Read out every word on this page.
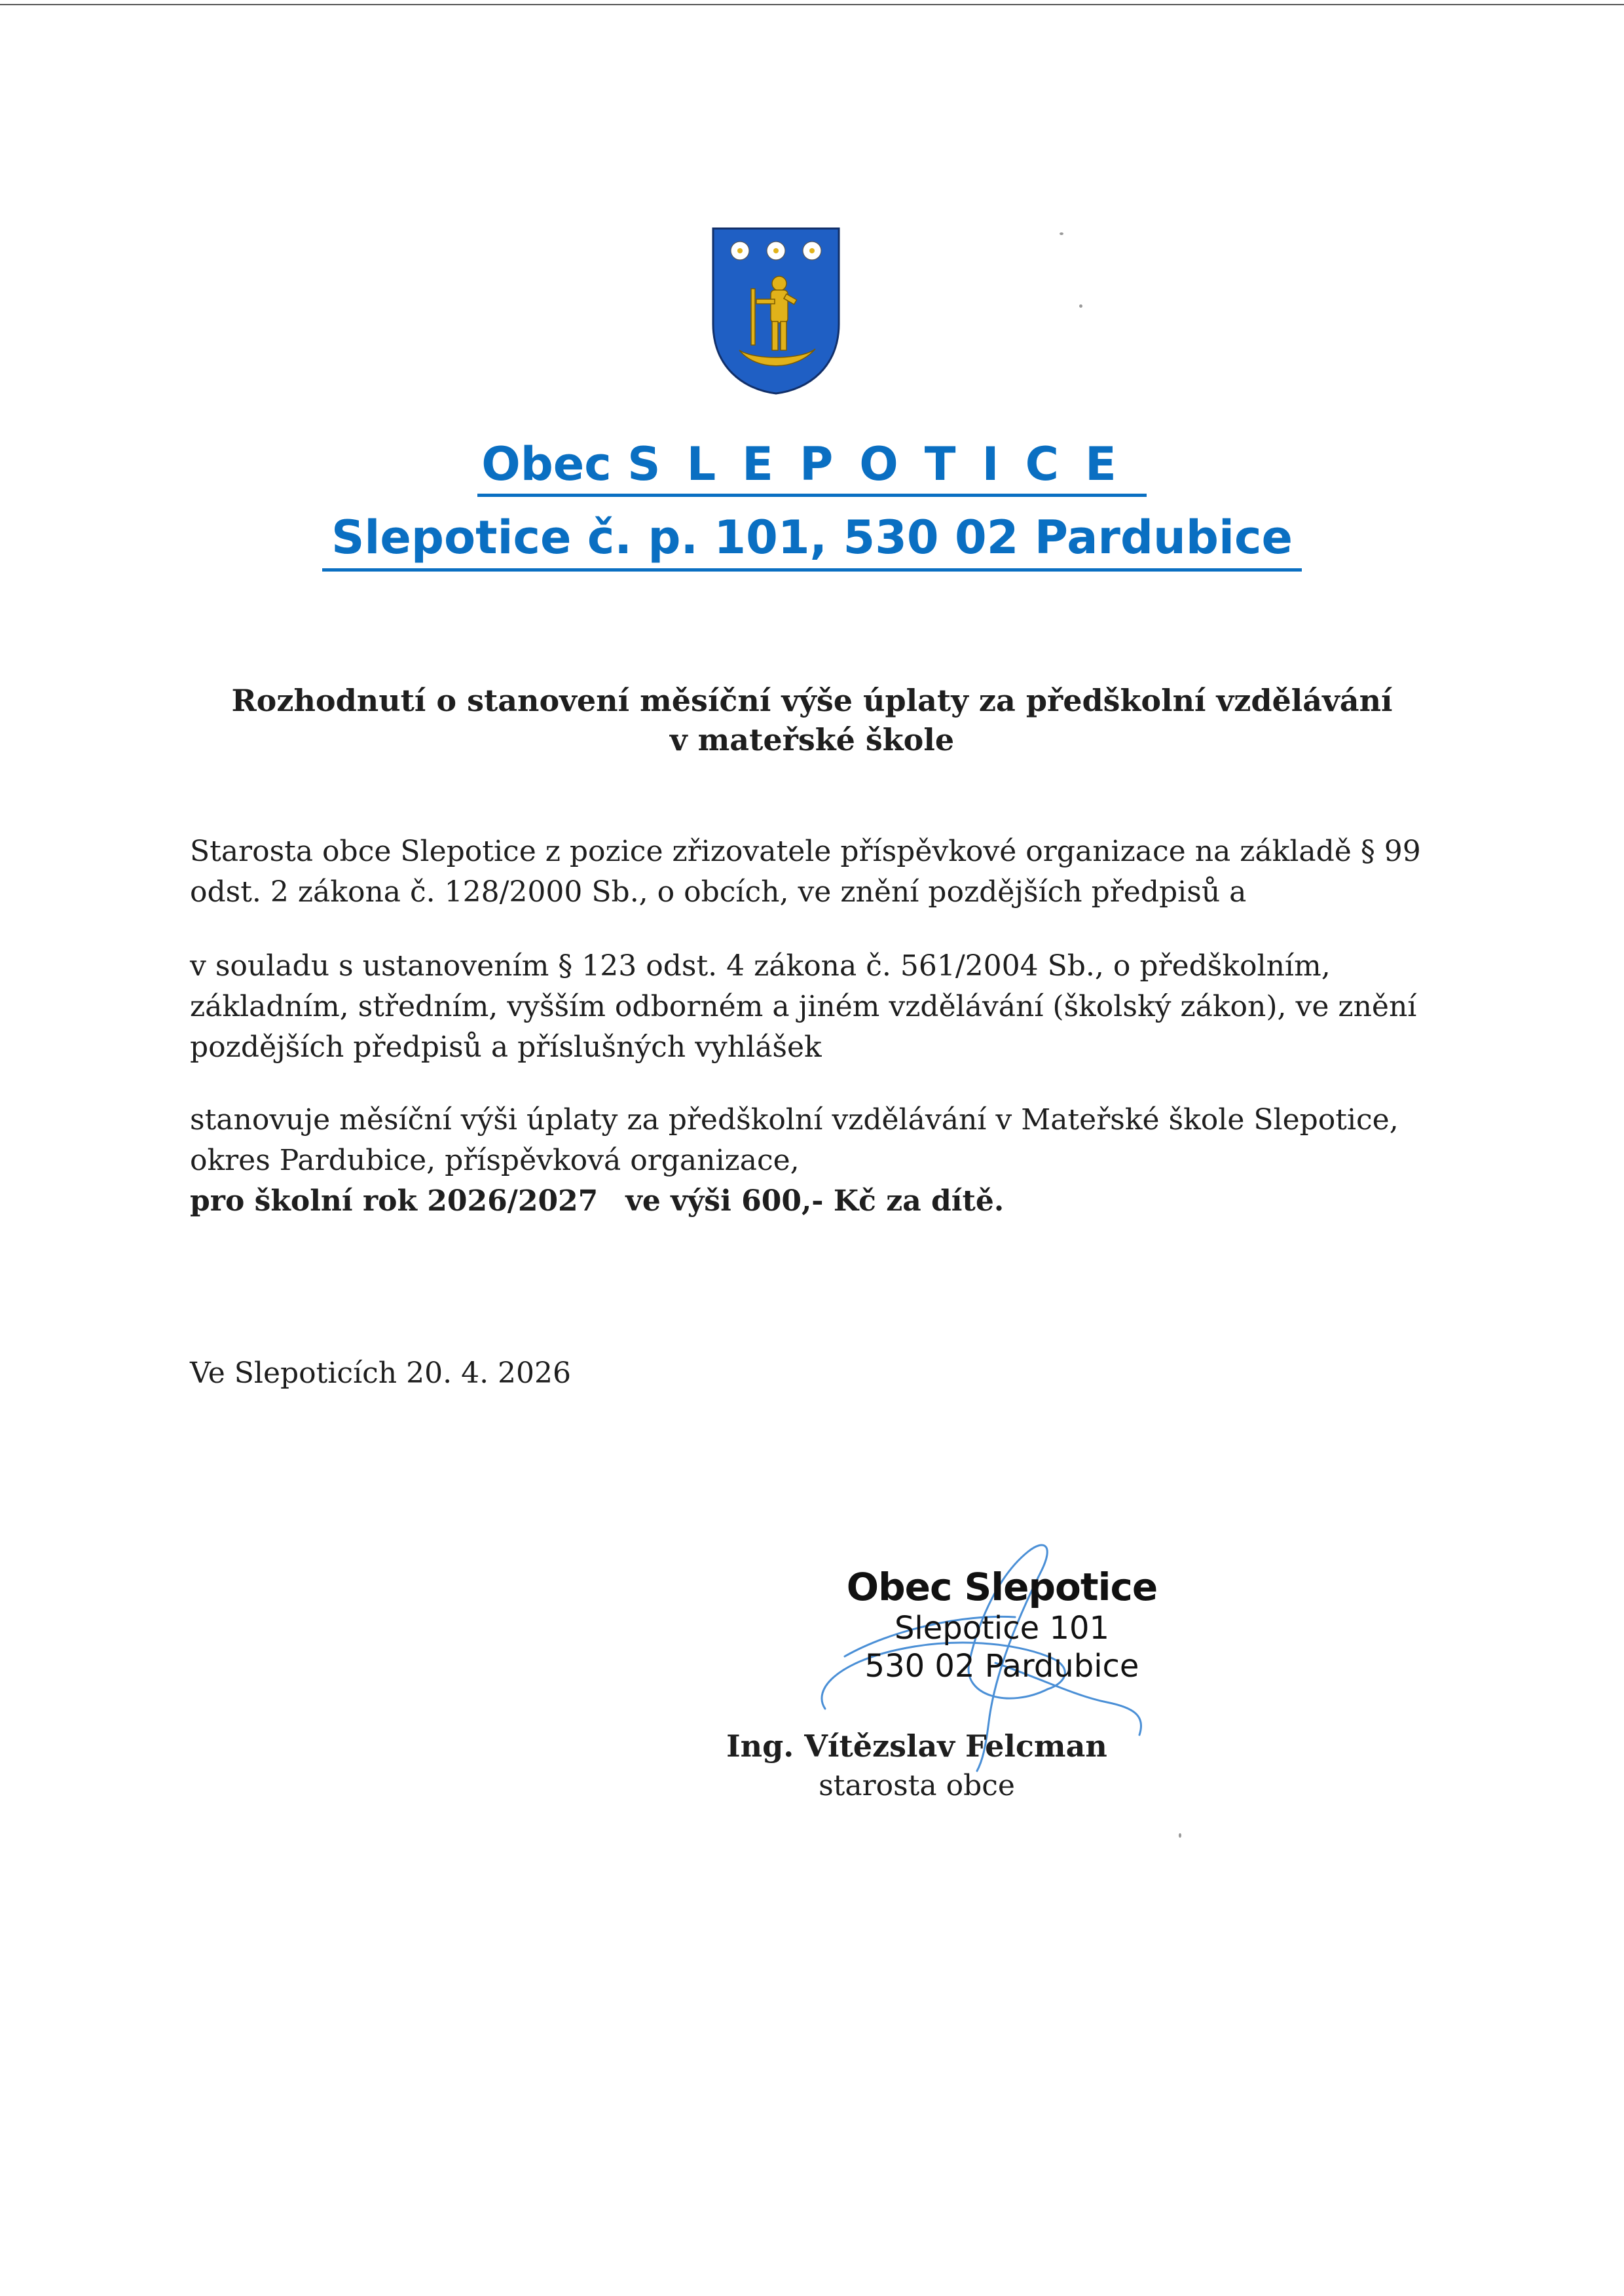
Obec SLEPOTICE
Slepotice č. p. 101, 530 02 Pardubice
Rozhodnutí o stanovení měsíční výše úplaty za předškolní vzdělávání
v mateřské škole
Starosta obce Slepotice z pozice zřizovatele příspěvkové organizace na základě § 99
odst. 2 zákona č. 128/2000 Sb., o obcích, ve znění pozdějších předpisů a
v souladu s ustanovením § 123 odst. 4 zákona č. 561/2004 Sb., o předškolním,
základním, středním, vyšším odborném a jiném vzdělávání (školský zákon), ve znění
pozdějších předpisů a příslušných vyhlášek
stanovuje měsíční výši úplaty za předškolní vzdělávání v Mateřské škole Slepotice,
okres Pardubice, příspěvková organizace,
pro školní rok 2026/2027 ve výši 600,- Kč za dítě.
Ve Slepoticích 20. 4. 2026
Obec Slepotice
Slepotice 101
530 02 Pardubice
Ing. Vítězslav Felcman
starosta obce
